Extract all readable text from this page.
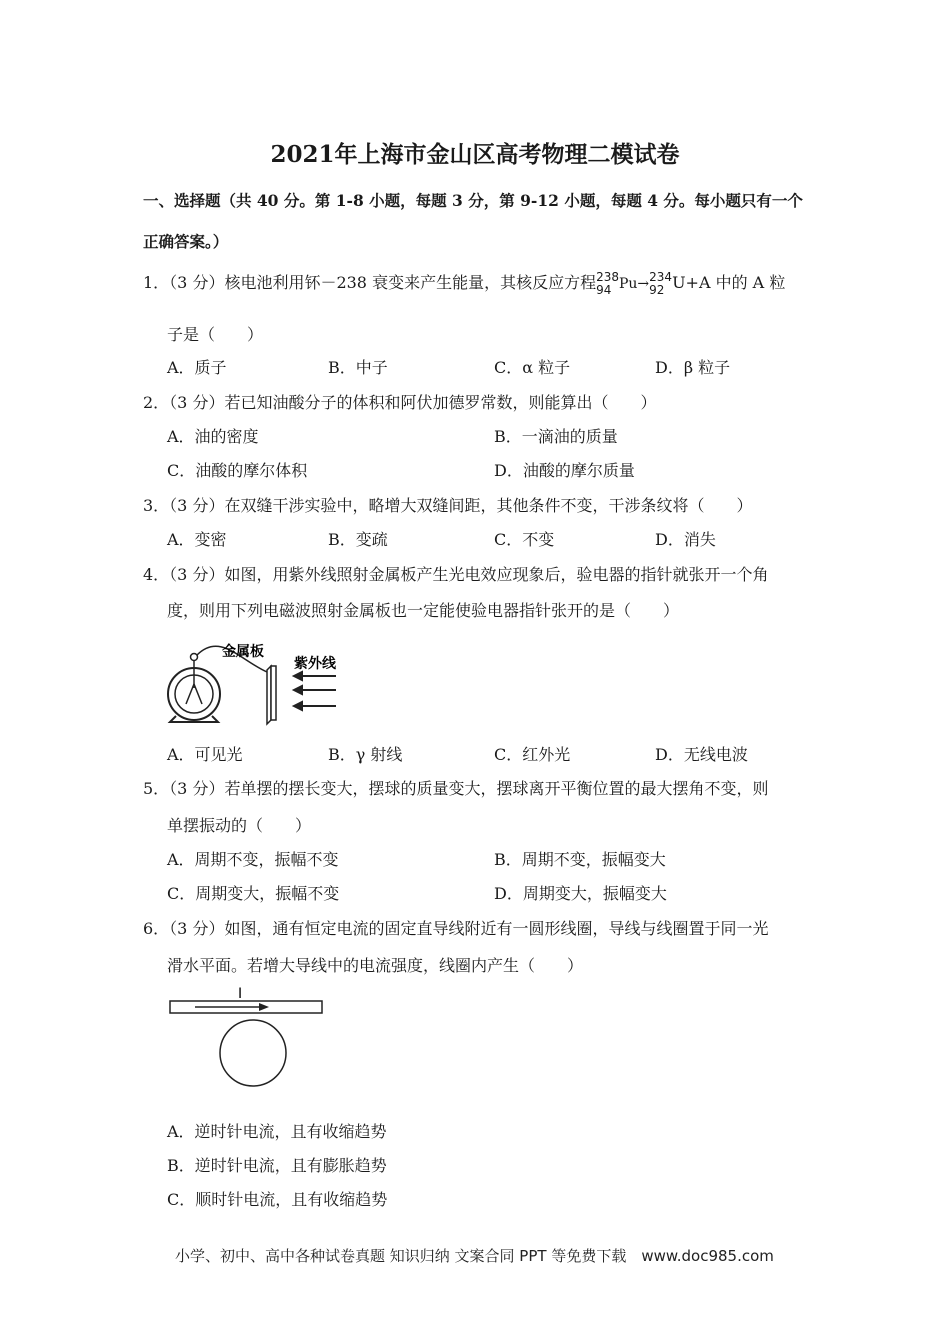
2021年上海市金山区高考物理二模试卷
一、选择题（共 40 分。第 1-8 小题，每题 3 分，第 9-12 小题，每题 4 分。每小题只有一个
正确答案。）
1．（3 分）核电池利用钚－238 衰变来产生能量，其核反应方程 238
94 Pu→ 234
92 U+A 中的 A 粒
子是（　　）
A．质子	B．中子	C．α 粒子	D．β 粒子
2．（3 分）若已知油酸分子的体积和阿伏加德罗常数，则能算出（　　）
A．油的密度	B．一滴油的质量
C．油酸的摩尔体积	D．油酸的摩尔质量
3．（3 分）在双缝干涉实验中，略增大双缝间距，其他条件不变，干涉条纹将（　　）
A．变密	B．变疏	C．不变	D．消失
4．（3 分）如图，用紫外线照射金属板产生光电效应现象后，验电器的指针就张开一个角
度，则用下列电磁波照射金属板也一定能使验电器指针张开的是（　　）
金属板
紫外线
A．可见光	B．γ 射线	C．红外光	D．无线电波
5．（3 分）若单摆的摆长变大，摆球的质量变大，摆球离开平衡位置的最大摆角不变，则
单摆振动的（　　）
A．周期不变，振幅不变	B．周期不变，振幅变大
C．周期变大，振幅不变	D．周期变大，振幅变大
6．（3 分）如图，通有恒定电流的固定直导线附近有一圆形线圈，导线与线圈置于同一光
滑水平面。若增大导线中的电流强度，线圈内产生（　　）
I
A．逆时针电流，且有收缩趋势
B．逆时针电流，且有膨胀趋势
C．顺时针电流，且有收缩趋势
小学、初中、高中各种试卷真题 知识归纳 文案合同 PPT 等免费下载　www.doc985.com
